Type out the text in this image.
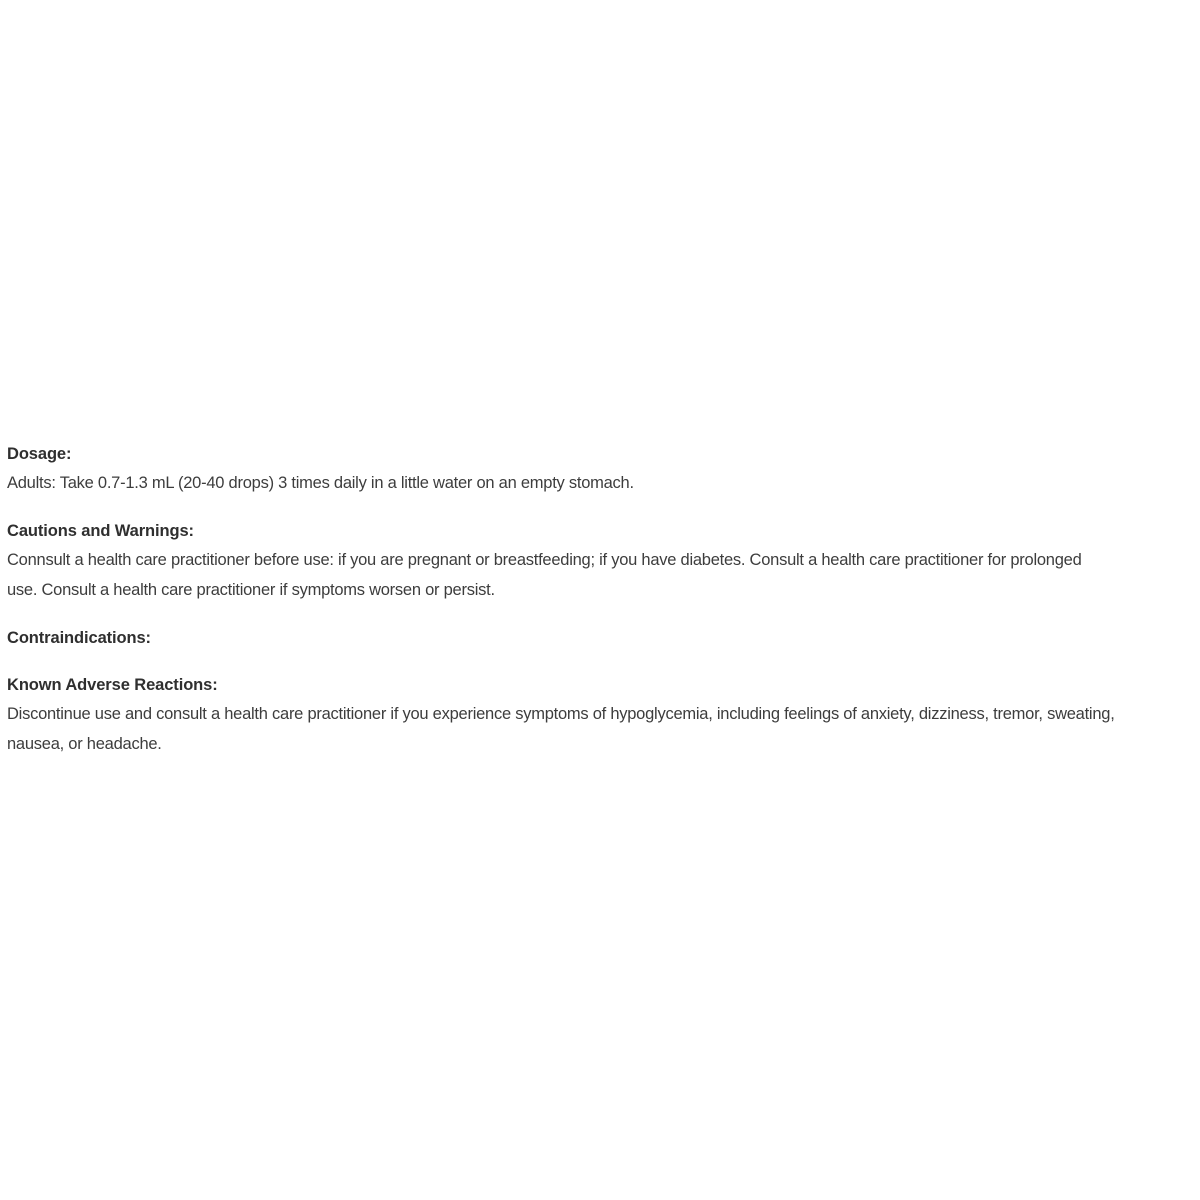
Dosage:
Adults: Take 0.7-1.3 mL (20-40 drops) 3 times daily in a little water on an empty stomach.
Cautions and Warnings:
Connsult a health care practitioner before use: if you are pregnant or breastfeeding; if you have diabetes. Consult a health care practitioner for prolonged
use. Consult a health care practitioner if symptoms worsen or persist.
Contraindications:
Known Adverse Reactions:
Discontinue use and consult a health care practitioner if you experience symptoms of hypoglycemia, including feelings of anxiety, dizziness, tremor, sweating,
nausea, or headache.
